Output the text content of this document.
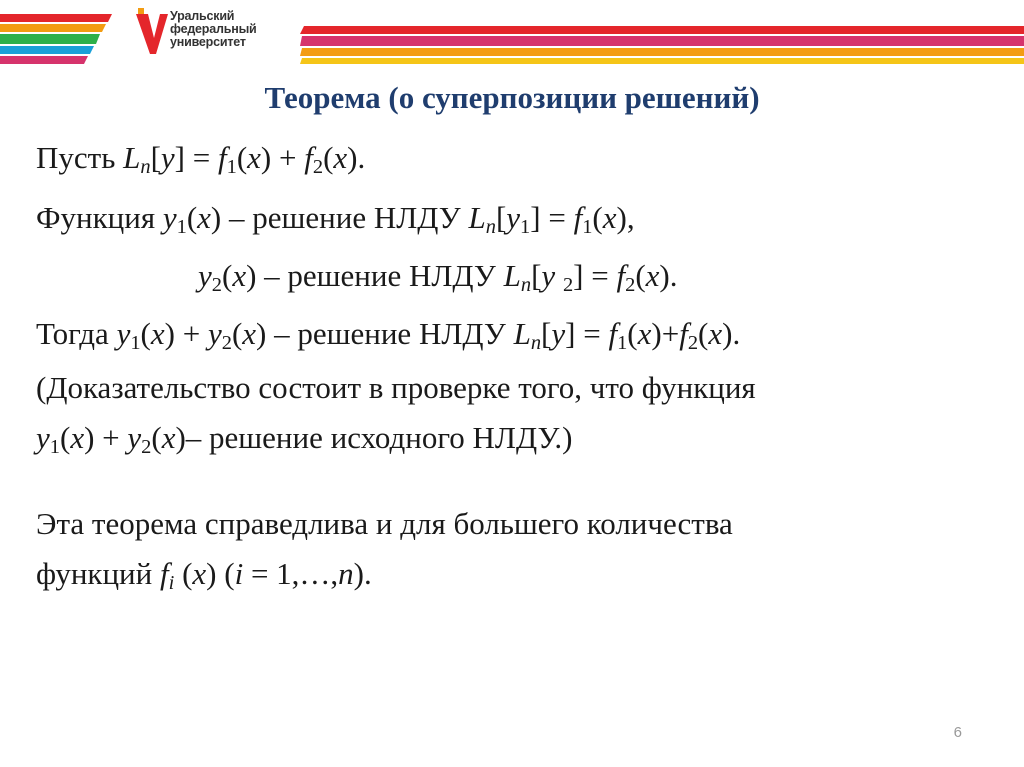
Уральский
федеральный
университет
Теорема (о суперпозиции решений)
Пусть $L_n[y] = f_1(x) + f_2(x)$.
Функция $y_1(x)$ – решение НЛДУ $L_n[y_1] = f_1(x)$,
$y_2(x)$ – решение НЛДУ $L_n[y$ $_2] = f_2(x)$.
Тогда $y_1(x) + y_2(x)$ – решение НЛДУ $L_n[y] = f_1(x)+f_2(x)$.
(Доказательство состоит в проверке того, что функция
$y_1(x) + y_2(x)-$ решение исходного НЛДУ.)
Эта теорема справедлива и для большего количества
функций $f_i$ (x) (i = 1,…,n).
6
